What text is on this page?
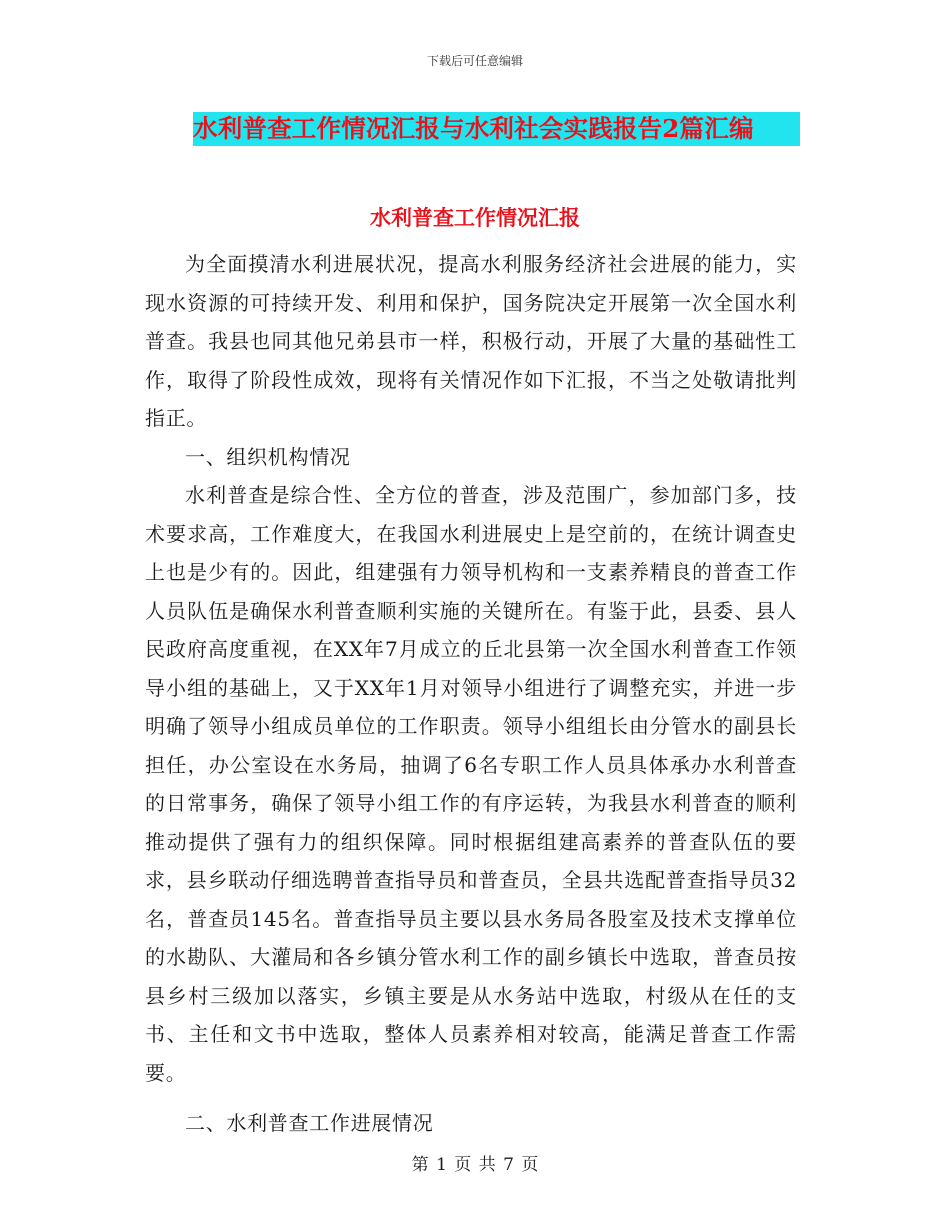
下载后可任意编辑
水利普查工作情况汇报与水利社会实践报告2篇汇编
水利普查工作情况汇报

为全面摸清水利进展状况，提高水利服务经济社会进展的能力，实现水资源的可持续开发、利用和保护，国务院决定开展第一次全国水利普查。我县也同其他兄弟县市一样，积极行动，开展了大量的基础性工作，取得了阶段性成效，现将有关情况作如下汇报，不当之处敬请批判指正。

一、组织机构情况

水利普查是综合性、全方位的普查，涉及范围广，参加部门多，技术要求高，工作难度大，在我国水利进展史上是空前的，在统计调查史上也是少有的。因此，组建强有力领导机构和一支素养精良的普查工作人员队伍是确保水利普查顺利实施的关键所在。有鉴于此，县委、县人民政府高度重视，在XX年7月成立的丘北县第一次全国水利普查工作领导小组的基础上，又于XX年1月对领导小组进行了调整充实，并进一步明确了领导小组成员单位的工作职责。领导小组组长由分管水的副县长担任，办公室设在水务局，抽调了6名专职工作人员具体承办水利普查的日常事务，确保了领导小组工作的有序运转，为我县水利普查的顺利推动提供了强有力的组织保障。同时根据组建高素养的普查队伍的要求，县乡联动仔细选聘普查指导员和普查员，全县共选配普查指导员32名，普查员145名。普查指导员主要以县水务局各股室及技术支撑单位的水勘队、大灌局和各乡镇分管水利工作的副乡镇长中选取，普查员按县乡村三级加以落实，乡镇主要是从水务站中选取，村级从在任的支书、主任和文书中选取，整体人员素养相对较高，能满足普查工作需要。

二、水利普查工作进展情况

第 1 页 共 7 页
